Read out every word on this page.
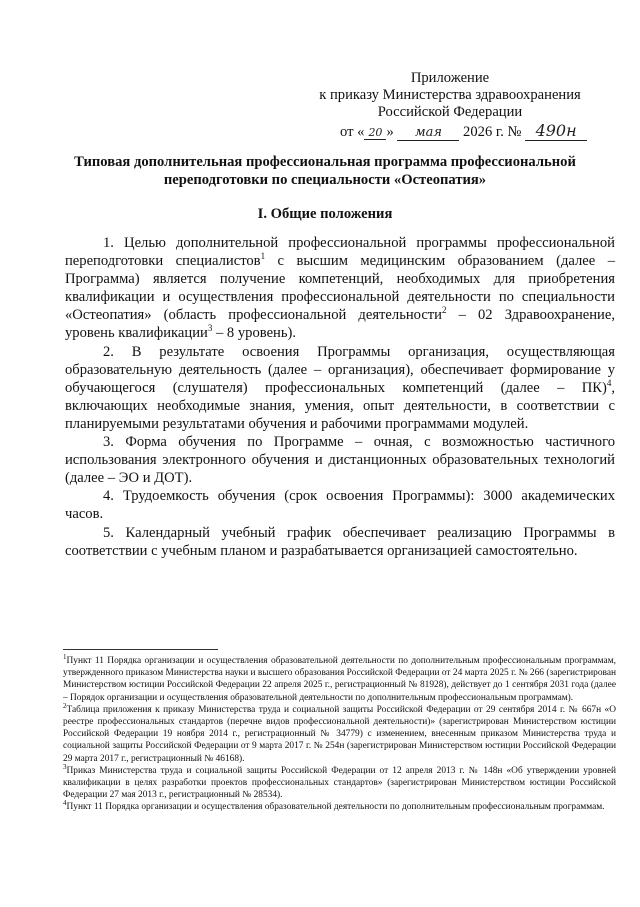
Приложение
к приказу Министерства здравоохранения
Российской Федерации
от « 20 » мая 2026 г. № 490н
Типовая дополнительная профессиональная программа профессиональной
переподготовки по специальности «Остеопатия»
I. Общие положения

1. Целью дополнительной профессиональной программы профессиональной переподготовки специалистов$^1$ с высшим медицинским образованием (далее – Программа) является получение компетенций, необходимых для приобретения квалификации и осуществления профессиональной деятельности по специальности «Остеопатия» (область профессиональной деятельности$^2$ – 02 Здравоохранение, уровень квалификации$^3$ – 8 уровень).

2. В результате освоения Программы организация, осуществляющая образовательную деятельность (далее – организация), обеспечивает формирование у обучающегося (слушателя) профессиональных компетенций (далее – ПК)$^4$, включающих необходимые знания, умения, опыт деятельности, в соответствии с планируемыми результатами обучения и рабочими программами модулей.

3. Форма обучения по Программе – очная, с возможностью частичного использования электронного обучения и дистанционных образовательных технологий (далее – ЭО и ДОТ).

4. Трудоемкость обучения (срок освоения Программы): 3000 академических часов.

5. Календарный учебный график обеспечивает реализацию Программы в соответствии с учебным планом и разрабатывается организацией самостоятельно.

$^1$Пункт 11 Порядка организации и осуществления образовательной деятельности по дополнительным профессиональным программам, утвержденного приказом Министерства науки и высшего образования Российской Федерации от 24 марта 2025 г. № 266 (зарегистрирован Министерством юстиции Российской Федерации 22 апреля 2025 г., регистрационный № 81928), действует до 1 сентября 2031 года (далее – Порядок организации и осуществления образовательной деятельности по дополнительным профессиональным программам).

$^2$Таблица приложения к приказу Министерства труда и социальной защиты Российской Федерации от 29 сентября 2014 г. № 667н «О реестре профессиональных стандартов (перечне видов профессиональной деятельности)» (зарегистрирован Министерством юстиции Российской Федерации 19 ноября 2014 г., регистрационный № 34779) с изменением, внесенным приказом Министерства труда и социальной защиты Российской Федерации от 9 марта 2017 г. № 254н (зарегистрирован Министерством юстиции Российской Федерации 29 марта 2017 г., регистрационный № 46168).

$^3$Приказ Министерства труда и социальной защиты Российской Федерации от 12 апреля 2013 г. № 148н «Об утверждении уровней квалификации в целях разработки проектов профессиональных стандартов» (зарегистрирован Министерством юстиции Российской Федерации 27 мая 2013 г., регистрационный № 28534).

$^4$Пункт 11 Порядка организации и осуществления образовательной деятельности по дополнительным профессиональным программам.
